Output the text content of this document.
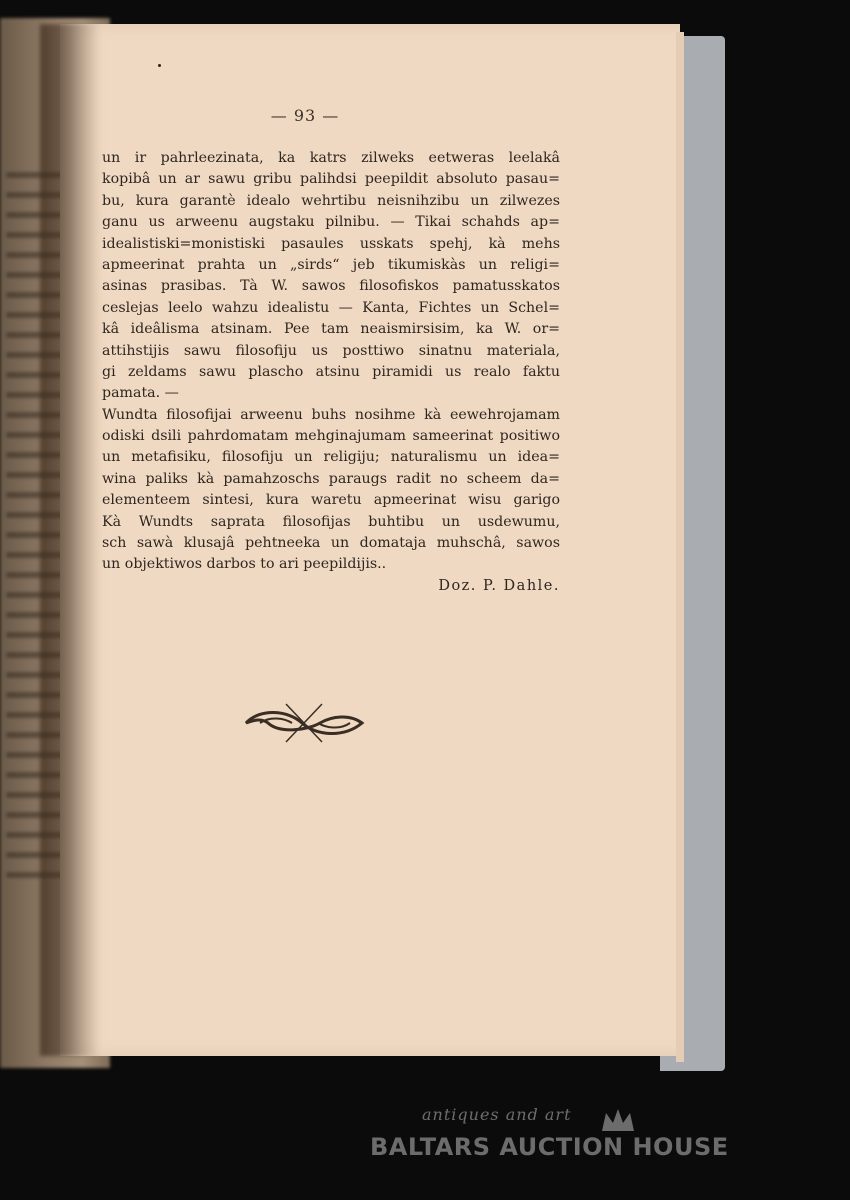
— 93 —
un ir pahrleezinata, ka katrs zilweks eetweras leelakâ
kopibâ un ar sawu gribu palihdsi peepildit absoluto pasau=
bu, kura garantè idealo wehrtibu neisnihzibu un zilwezes
ganu us arweenu augstaku pilnibu. — Tikai schahds ap=
idealistiski=monistiski pasaules usskats spehj, kà mehs
apmeerinat prahta un „sirds“ jeb tikumiskàs un religi=
asinas prasibas. Tà W. sawos filosofiskos pamatusskatos
ceslejas leelo wahzu idealistu — Kanta, Fichtes un Schel=
kâ ideâlisma atsinam. Pee tam neaismirsisim, ka W. or=
attihstijis sawu filosofiju us posttiwo sinatnu materiala,
gi zeldams sawu plascho atsinu piramidi us realo faktu
pamata. —
Wundta filosofijai arweenu buhs nosihme kà eewehrojamam
odiski dsili pahrdomatam mehginajumam sameerinat positiwo
un metafisiku, filosofiju un religiju; naturalismu un idea=
wina paliks kà pamahzoschs paraugs radit no scheem da=
elementeem sintesi, kura waretu apmeerinat wisu garigo
Kà Wundts saprata filosofijas buhtibu un usdewumu,
sch sawà klusajâ pehtneeka un domataja muhschâ, sawos
un objektiwos darbos to ari peepildijis..
Doz. P. Dahle.
antiques and art
BALTARS AUCTION HOUSE
